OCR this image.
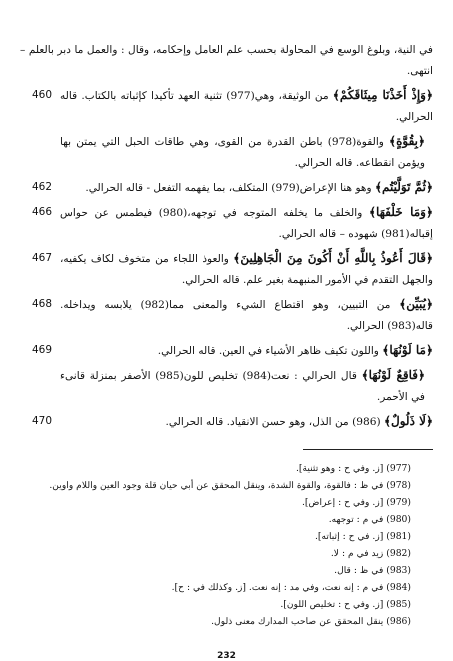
في النية، وبلوغ الوسع في المحاولة بحسب علم العامل وإحكامه، وقال : والعمل ما دبر بالعلم – انتهى.

460	﴿وَإِذْ أَخَذْنَا مِيثَاقَكُمْ﴾ من الوثيقة، وهي(977) تثنية العهد تأكيدا كإثباته بالكتاب. قاله الحرالي.
﴿بِقُوَّةٍ﴾ والقوة(978) باطن القدرة من القوى، وهي طاقات الحبل التي يمتن بها ويؤمن انقطاعه. قاله الحرالي.
462	﴿ثُمَّ تَوَلَّيْتُم﴾ وهو هنا الإعراض(979) المتكلف، بما يفهمه التفعل - قاله الحرالي.
466	﴿وَمَا خَلْفَهَا﴾ والخلف ما يخلفه المتوجه في توجهه،(980) فيطمس عن حواس إقباله(981) شهوده – قاله الحرالي.
467	﴿قَالَ أَعُوذُ بِاللَّهِ أَنْ أَكُونَ مِنَ الْجَاهِلِينَ﴾ والعوذ اللجاء من متخوف لكاف يكفيه، والجهل التقدم في الأمور المنبهمة بغير علم. قاله الحرالي.
468	﴿يُبَيِّن﴾ من التبيين، وهو اقتطاع الشيء والمعنى مما(982) يلابسه ويداخله. قاله(983) الحرالي.
469	﴿مَا لَوْنُهَا﴾ واللون تكيف ظاهر الأشياء في العين. قاله الحرالي.
﴿فَاقِعٌ لَوْنُهَا﴾ قال الحرالي : نعت(984) تخليص للون(985) الأصفر بمنزلة قانىء في الأحمر.
470	﴿لَا ذَلُولٌ﴾ (986) من الذل، وهو حسن الانقياد. قاله الحرالي.

(977) [ز. وفي ح : وهو تثنية].

(978) في ظ : فالقوة، والقوة الشدة، وينقل المحقق عن أبي حيان قلة وجود العين واللام واوين.

(979) [ز. وفي ح : إعراض].

(980) في م : توجهه.

(981) [ز. في ح : إثباته].

(982) زيد في م : لا.

(983) في ظ : قال.

(984) في م : إنه نعت، وفي مد : إنه نعت. [ز. وكذلك في : ح].

(985) [ز. وفي ح : تخليص اللون].

(986) ينقل المحقق عن صاحب المدارك معنى ذلول.

232
